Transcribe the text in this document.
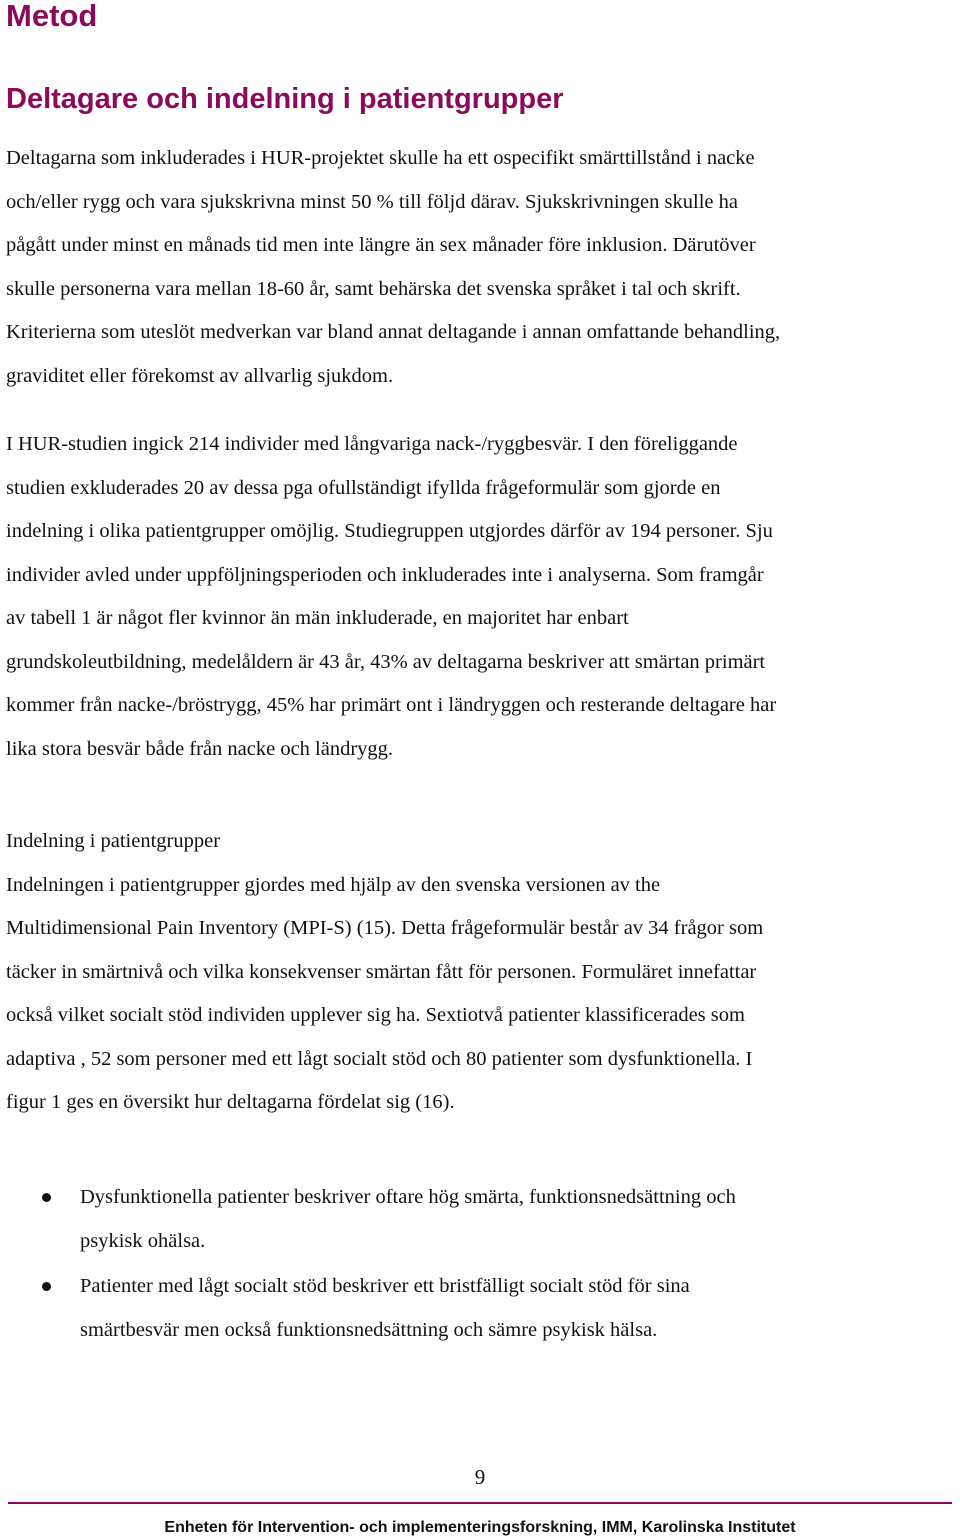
Metod
Deltagare och indelning i patientgrupper
Deltagarna som inkluderades i HUR-projektet skulle ha ett ospecifikt smärttillstånd i nacke
och/eller rygg och vara sjukskrivna minst 50 % till följd därav. Sjukskrivningen skulle ha
pågått under minst en månads tid men inte längre än sex månader före inklusion. Därutöver
skulle personerna vara mellan 18-60 år, samt behärska det svenska språket i tal och skrift.
Kriterierna som uteslöt medverkan var bland annat deltagande i annan omfattande behandling,
graviditet eller förekomst av allvarlig sjukdom.
I HUR-studien ingick 214 individer med långvariga nack-/ryggbesvär. I den föreliggande
studien exkluderades 20 av dessa pga ofullständigt ifyllda frågeformulär som gjorde en
indelning i olika patientgrupper omöjlig. Studiegruppen utgjordes därför av 194 personer. Sju
individer avled under uppföljningsperioden och inkluderades inte i analyserna. Som framgår
av tabell 1 är något fler kvinnor än män inkluderade, en majoritet har enbart
grundskoleutbildning, medelåldern är 43 år, 43% av deltagarna beskriver att smärtan primärt
kommer från nacke-/bröstrygg, 45% har primärt ont i ländryggen och resterande deltagare har
lika stora besvär både från nacke och ländrygg.
Indelning i patientgrupper
Indelningen i patientgrupper gjordes med hjälp av den svenska versionen av the
Multidimensional Pain Inventory (MPI-S) (15). Detta frågeformulär består av 34 frågor som
täcker in smärtnivå och vilka konsekvenser smärtan fått för personen. Formuläret innefattar
också vilket socialt stöd individen upplever sig ha. Sextiotvå patienter klassificerades som
adaptiva , 52 som personer med ett lågt socialt stöd och 80 patienter som dysfunktionella. I
figur 1 ges en översikt hur deltagarna fördelat sig (16).
Dysfunktionella patienter beskriver oftare hög smärta, funktionsnedsättning och
psykisk ohälsa.
Patienter med lågt socialt stöd beskriver ett bristfälligt socialt stöd för sina
smärtbesvär men också funktionsnedsättning och sämre psykisk hälsa.
9
Enheten för Intervention- och implementeringsforskning, IMM, Karolinska Institutet
